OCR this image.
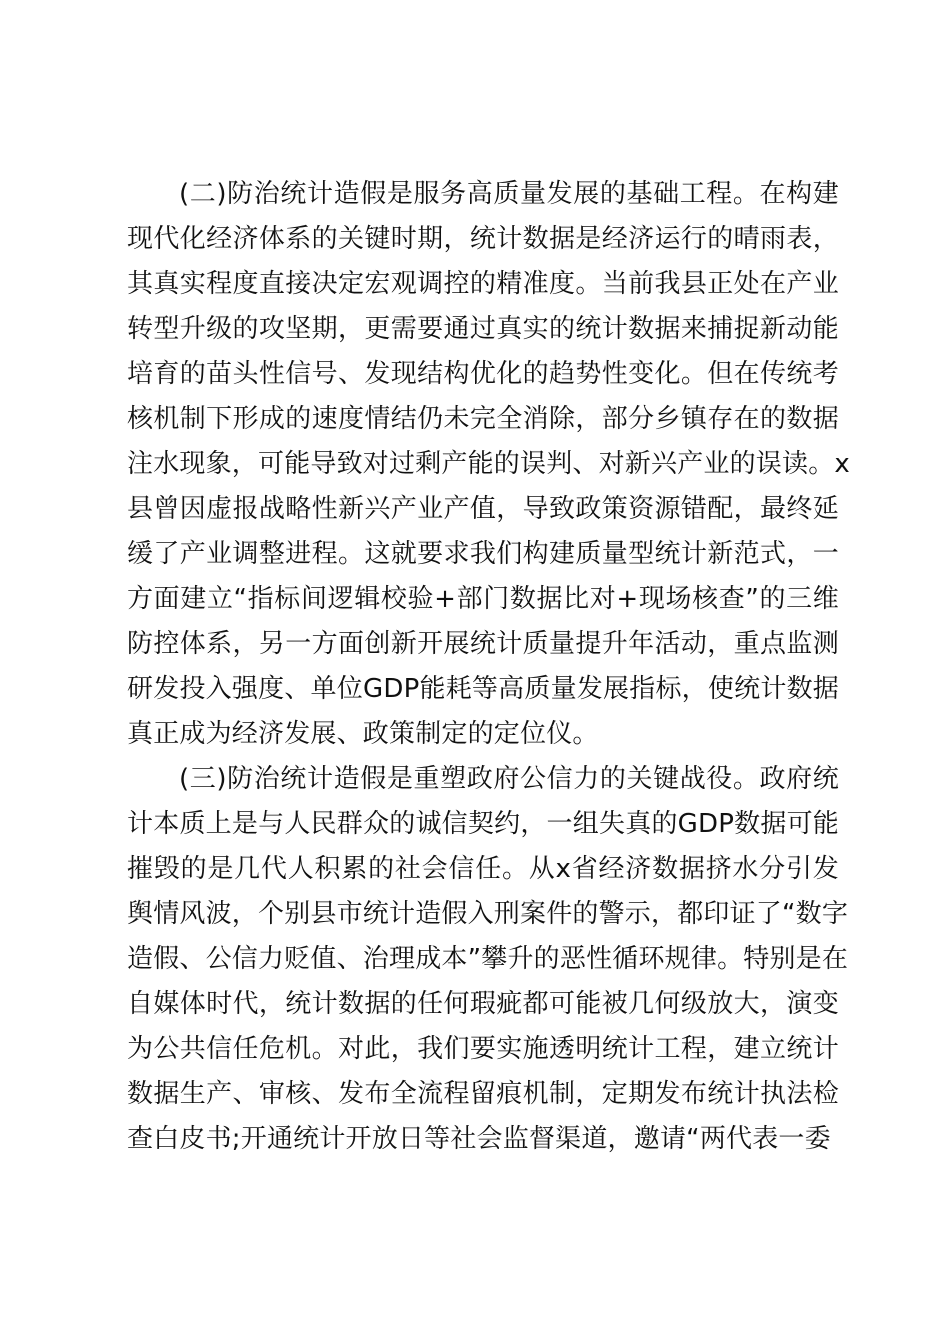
(二)防治统计造假是服务高质量发展的基础工程。在构建
现代化经济体系的关键时期，统计数据是经济运行的晴雨表，
其真实程度直接决定宏观调控的精准度。当前我县正处在产业
转型升级的攻坚期，更需要通过真实的统计数据来捕捉新动能
培育的苗头性信号、发现结构优化的趋势性变化。但在传统考
核机制下形成的速度情结仍未完全消除，部分乡镇存在的数据
注水现象，可能导致对过剩产能的误判、对新兴产业的误读。x
县曾因虚报战略性新兴产业产值，导致政策资源错配，最终延
缓了产业调整进程。这就要求我们构建质量型统计新范式，一
方面建立“指标间逻辑校验+部门数据比对+现场核查”的三维
防控体系，另一方面创新开展统计质量提升年活动，重点监测
研发投入强度、单位GDP能耗等高质量发展指标，使统计数据
真正成为经济发展、政策制定的定位仪。
(三)防治统计造假是重塑政府公信力的关键战役。政府统
计本质上是与人民群众的诚信契约，一组失真的GDP数据可能
摧毁的是几代人积累的社会信任。从x省经济数据挤水分引发
舆情风波，个别县市统计造假入刑案件的警示，都印证了“数字
造假、公信力贬值、治理成本”攀升的恶性循环规律。特别是在
自媒体时代，统计数据的任何瑕疵都可能被几何级放大，演变
为公共信任危机。对此，我们要实施透明统计工程，建立统计
数据生产、审核、发布全流程留痕机制，定期发布统计执法检
查白皮书;开通统计开放日等社会监督渠道，邀请“两代表一委
